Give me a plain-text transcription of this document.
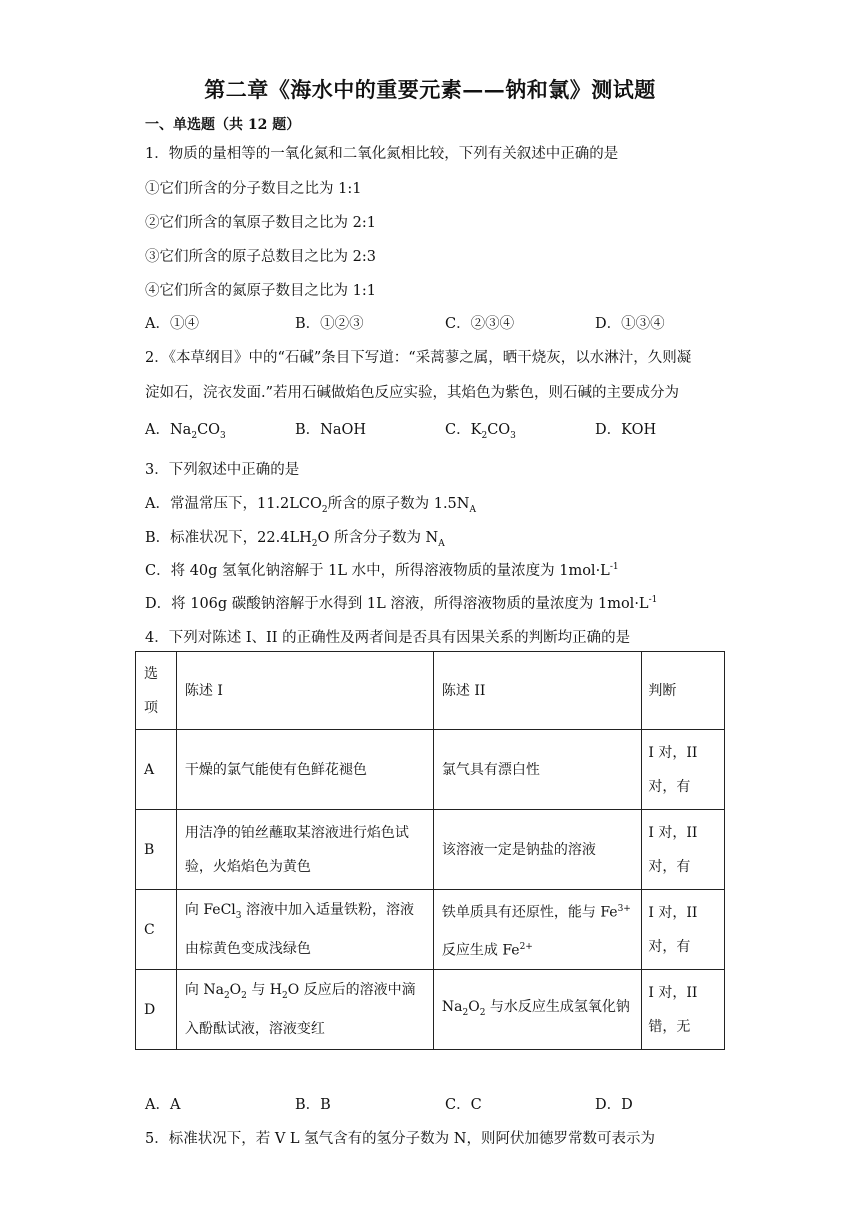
第二章《海水中的重要元素——钠和氯》测试题
一、单选题（共 12 题）
1．物质的量相等的一氧化氮和二氧化氮相比较，下列有关叙述中正确的是
①它们所含的分子数目之比为 1:1
②它们所含的氧原子数目之比为 2:1
③它们所含的原子总数目之比为 2:3
④它们所含的氮原子数目之比为 1:1
A．①④	B．①②③	C．②③④	D．①③④
2．《本草纲目》中的“石碱”条目下写道：“采蒿蓼之属，晒干烧灰，以水淋汁，久则凝
淀如石，浣衣发面.”若用石碱做焰色反应实验，其焰色为紫色，则石碱的主要成分为
A．$Na_2CO_3$	B．NaOH	C．$K_2CO_3$	D．KOH
3．下列叙述中正确的是
A．常温常压下，$11.2LCO_2$所含的原子数为 $1.5N_A$
B．标准状况下，$22.4LH_2O$ 所含分子数为 $N_A$
C．将 40g 氢氧化钠溶解于 1L 水中，所得溶液物质的量浓度为 $1mol\cdot L^{-1}$
D．将 106g 碳酸钠溶解于水得到 1L 溶液，所得溶液物质的量浓度为 $1mol\cdot L^{-1}$
4．下列对陈述 I、II 的正确性及两者间是否具有因果关系的判断均正确的是
选项	陈述 I	陈述 II	判断
A	干燥的氯气能使有色鲜花褪色	氯气具有漂白性	I 对，II 对，有
B	用洁净的铂丝蘸取某溶液进行焰色试验，火焰焰色为黄色	该溶液一定是钠盐的溶液	I 对，II 对，有
C	向 FeCl$_3$ 溶液中加入适量铁粉，溶液由棕黄色变成浅绿色	铁单质具有还原性，能与 $Fe^{3+}$ 反应生成 $Fe^{2+}$	I 对，II 对，有
D	向 $Na_2O_2$ 与 $H_2O$ 反应后的溶液中滴入酚酞试液，溶液变红	$Na_2O_2$ 与水反应生成氢氧化钠	I 对，II 错，无
A．A	B．B	C．C	D．D
5．标准状况下，若 V L 氢气含有的氢分子数为 N，则阿伏加德罗常数可表示为
